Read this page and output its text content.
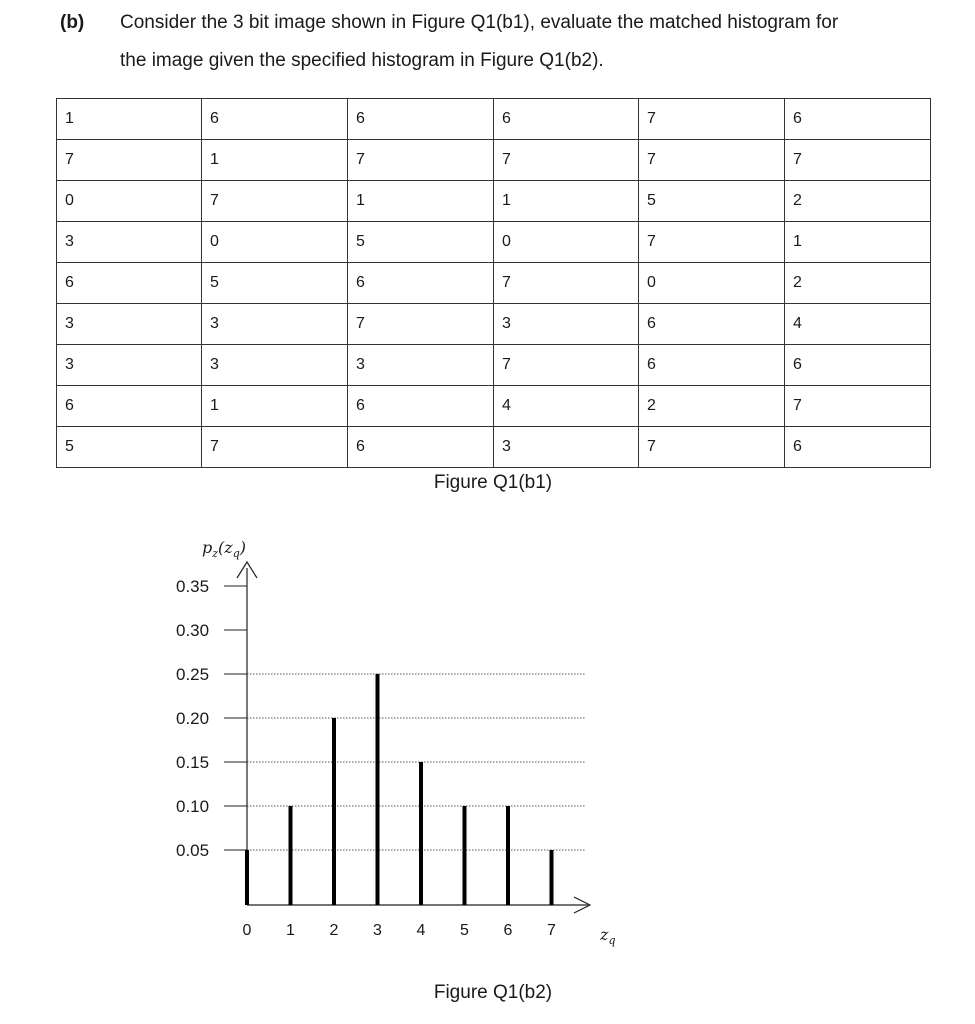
(b) Consider the 3 bit image shown in Figure Q1(b1), evaluate the matched histogram for
the image given the specified histogram in Figure Q1(b2).
1	6	6	6	7	6
7	1	7	7	7	7
0	7	1	1	5	2
3	0	5	0	7	1
6	5	6	7	0	2
3	3	7	3	6	4
3	3	3	7	6	6
6	1	6	4	2	7
5	7	6	3	7	6
Figure Q1(b1)
0.35
0.30
0.25
0.20
0.15
0.10
0.05
0 1 2 3 4 5 6 7
$p_z(z_q)$
$z_q$
Figure Q1(b2)
